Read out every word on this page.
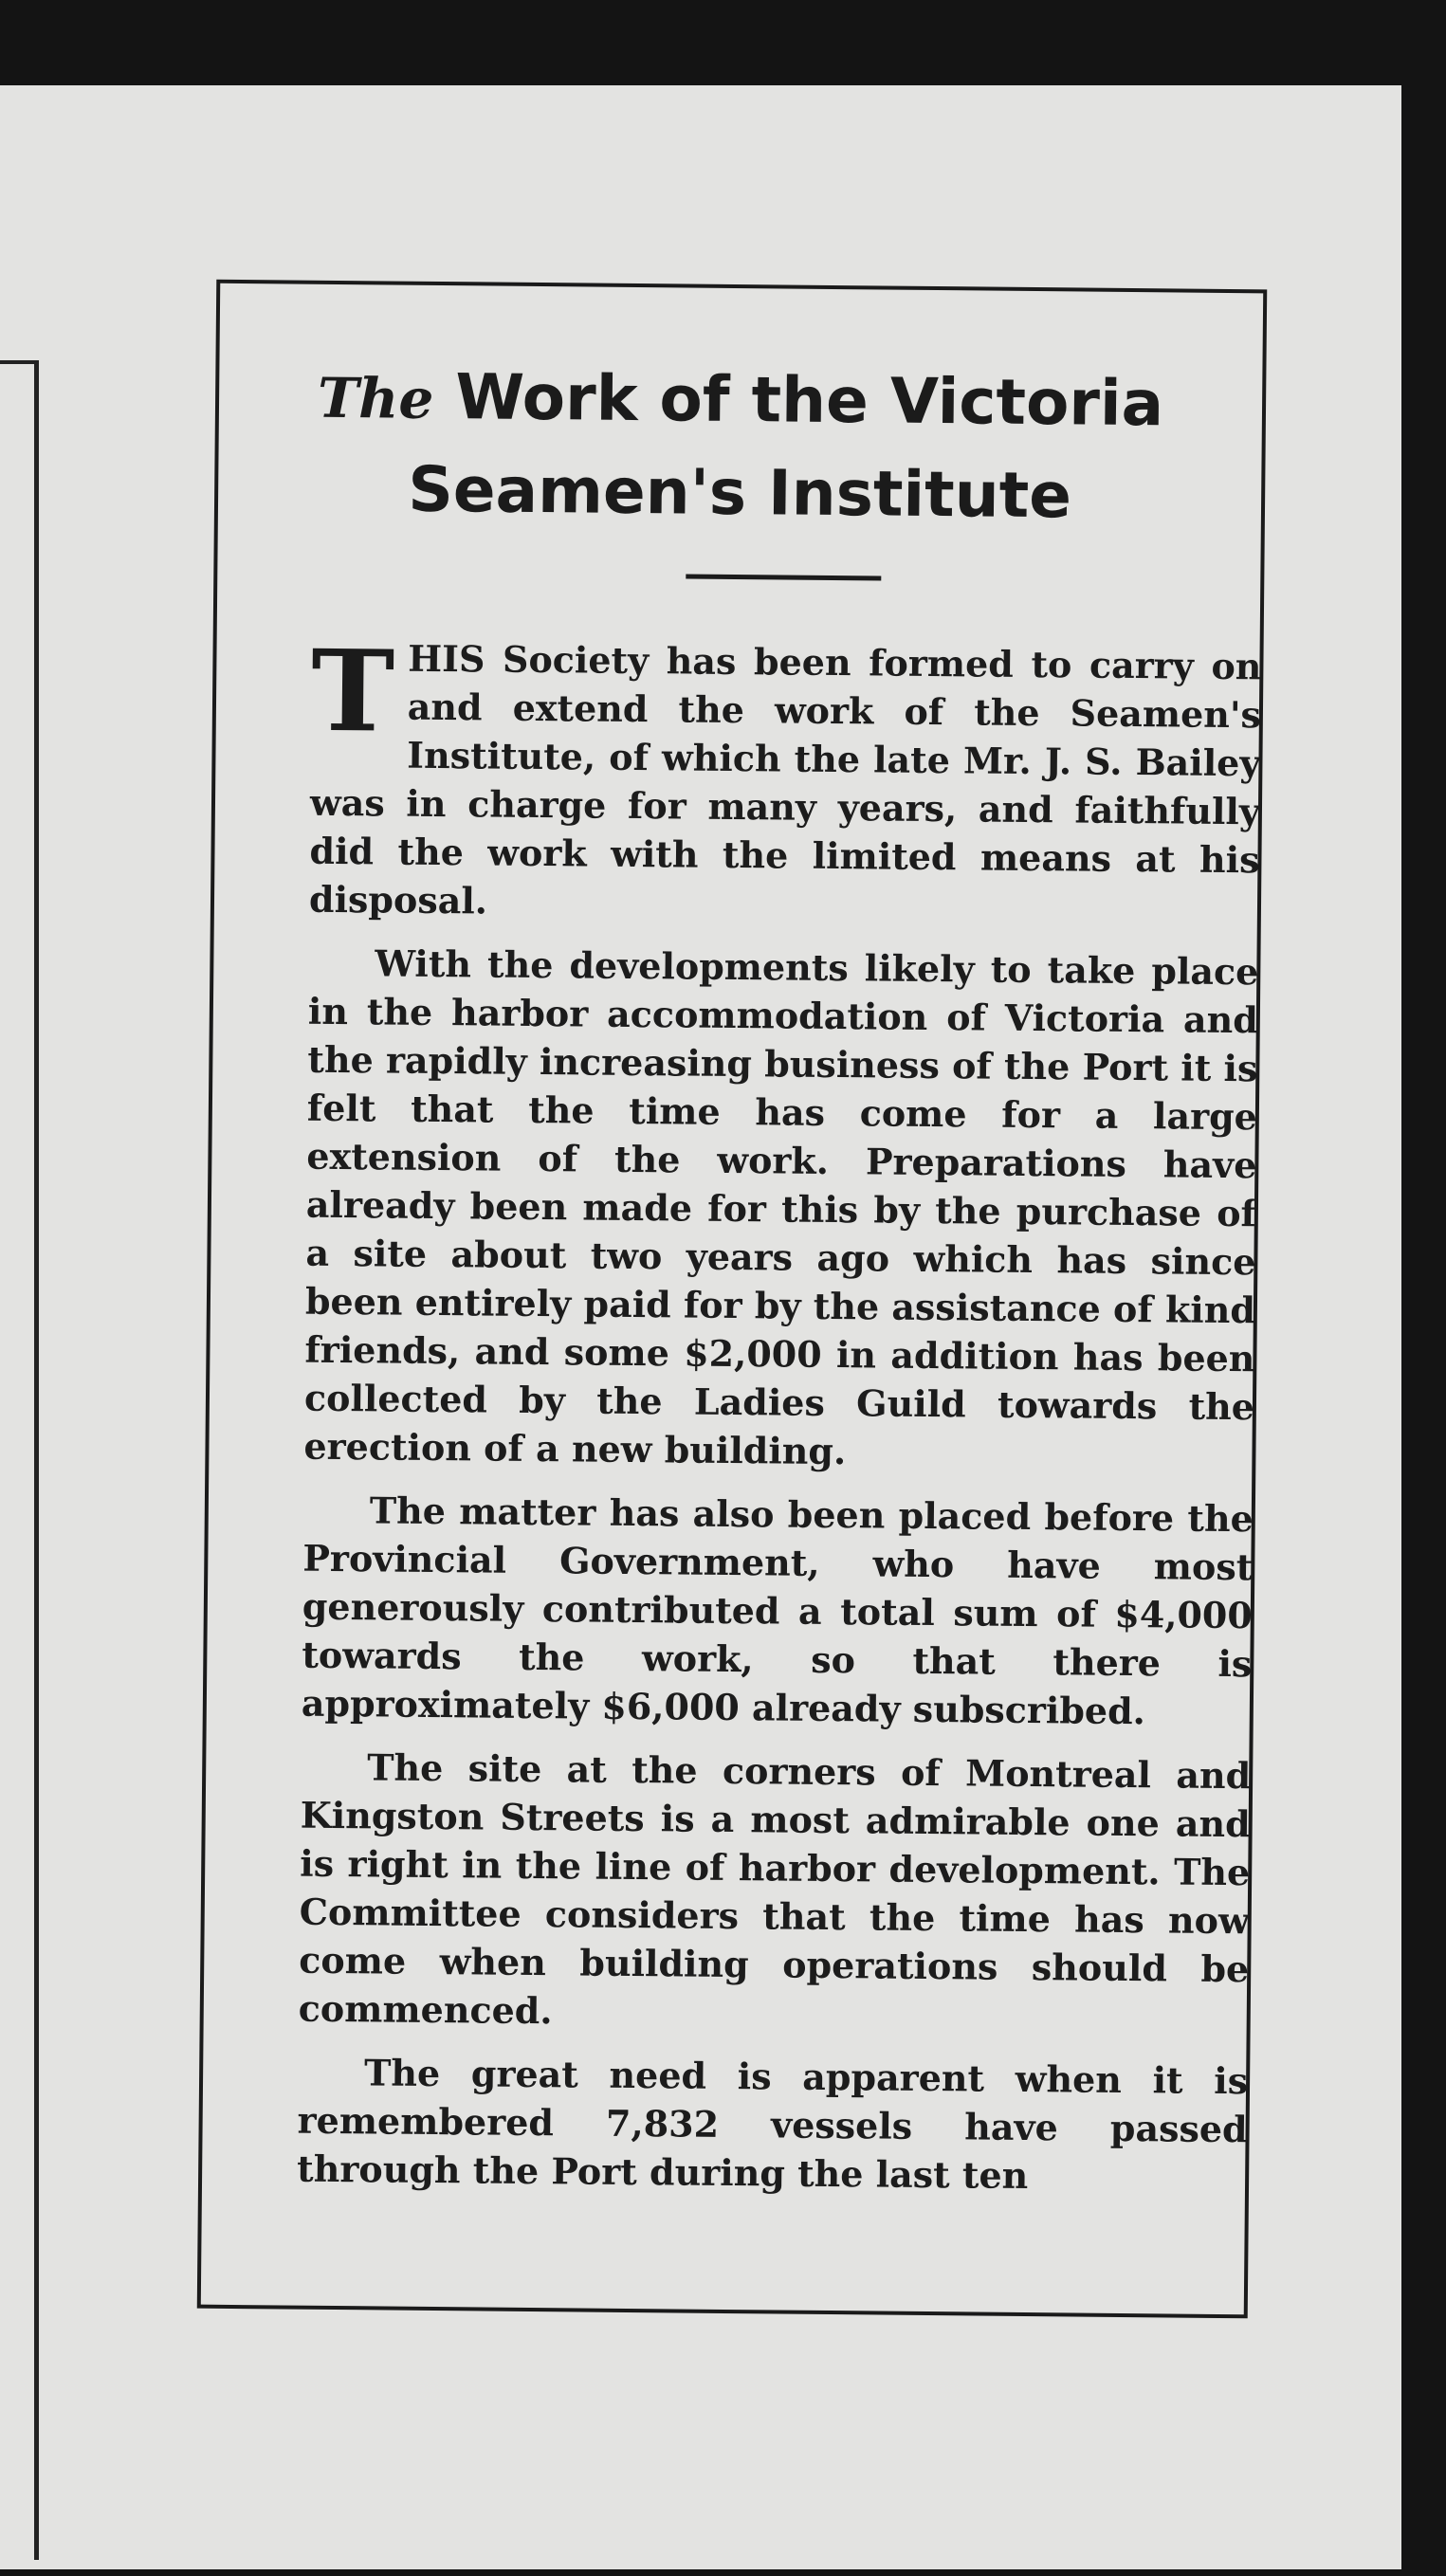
The Work of the Victoria
Seamen's Institute

THIS Society has been formed to carry on and extend the work of the Seamen's Institute, of which the late Mr. J. S. Bailey was in charge for many years, and faithfully did the work with the limited means at his disposal.

With the developments likely to take place in the harbor accommodation of Victoria and the rapidly increasing business of the Port it is felt that the time has come for a large extension of the work. Preparations have already been made for this by the purchase of a site about two years ago which has since been entirely paid for by the assistance of kind friends, and some $2,000 in addition has been collected by the Ladies Guild towards the erection of a new building.

The matter has also been placed before the Provincial Government, who have most generously contributed a total sum of $4,000 towards the work, so that there is approximately $6,000 already subscribed.

The site at the corners of Montreal and Kingston Streets is a most admirable one and is right in the line of harbor development. The Committee considers that the time has now come when building operations should be commenced.

The great need is apparent when it is remembered 7,832 vessels have passed through the Port during the last ten
